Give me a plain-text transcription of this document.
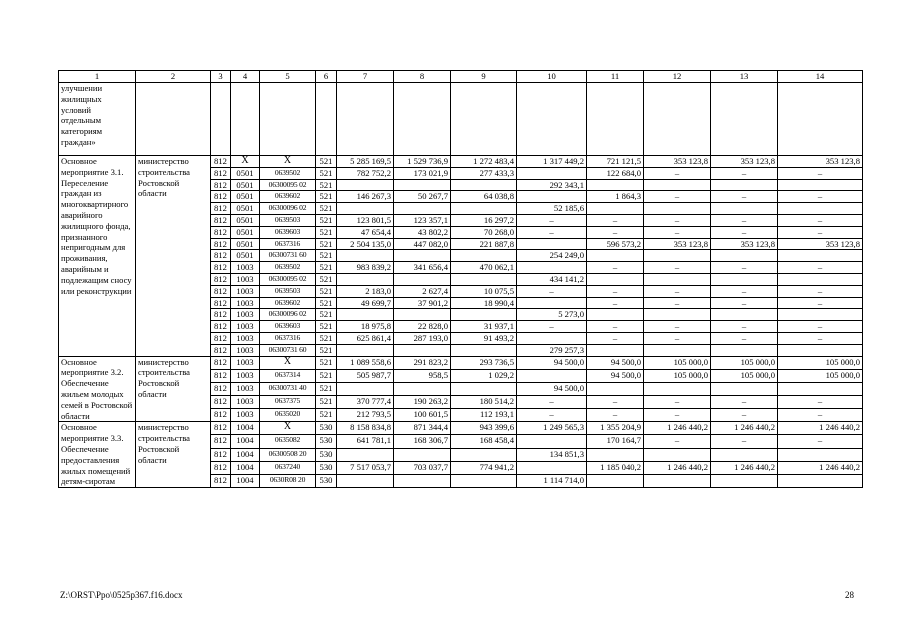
1	2	3	4	5	6	7	8	9	10	11	12	13	14
улучшении жилищных условий отдельным категориям граждан»													
Основное мероприятие 3.1. Переселение граждан из многоквартирного аварийного жилищного фонда, признанного непригодным для проживания, аварийным и подлежащим сносу или реконструкции	министерство строительства Ростовской области	812	X	X	521	5 285 169,5	1 529 736,9	1 272 483,4	1 317 449,2	721 121,5	353 123,8	353 123,8	353 123,8
		812	0501	0639502	521	782 752,2	173 021,9	277 433,3		122 684,0	–	–	–
		812	0501	06300095 02	521				292 343,1				
		812	0501	0639602	521	146 267,3	50 267,7	64 038,8		1 864,3	–	–	–
		812	0501	06300096 02	521				52 185,6				
		812	0501	0639503	521	123 801,5	123 357,1	16 297,2	–	–	–	–	–
		812	0501	0639603	521	47 654,4	43 802,2	70 268,0	–	–	–	–	–
		812	0501	0637316	521	2 504 135,0	447 082,0	221 887,8		596 573,2	353 123,8	353 123,8	353 123,8
		812	0501	06300731 60	521				254 249,0				
		812	1003	0639502	521	983 839,2	341 656,4	470 062,1		–	–	–	–
		812	1003	06300095 02	521				434 141,2				
		812	1003	0639503	521	2 183,0	2 627,4	10 075,5	–	–	–	–	–
		812	1003	0639602	521	49 699,7	37 901,2	18 990,4		–	–	–	–
		812	1003	06300096 02	521				5 273,0				
		812	1003	0639603	521	18 975,8	22 828,0	31 937,1	–	–	–	–	–
		812	1003	0637316	521	625 861,4	287 193,0	91 493,2		–	–	–	–
		812	1003	06300731 60	521				279 257,3				
Основное мероприятие 3.2. Обеспечение жильем молодых семей в Ростовской области	министерство строительства Ростовской области	812	1003	X	521	1 089 558,6	291 823,2	293 736,5	94 500,0	94 500,0	105 000,0	105 000,0	105 000,0
		812	1003	0637314	521	505 987,7	958,5	1 029,2		94 500,0	105 000,0	105 000,0	105 000,0
		812	1003	06300731 40	521				94 500,0				
		812	1003	0637375	521	370 777,4	190 263,2	180 514,2	–	–	–	–	–
		812	1003	0635020	521	212 793,5	100 601,5	112 193,1	–	–	–	–	–
Основное мероприятие 3.3. Обеспечение предоставления жилых помещений детям-сиротам	министерство строительства Ростовской области	812	1004	X	530	8 158 834,8	871 344,4	943 399,6	1 249 565,3	1 355 204,9	1 246 440,2	1 246 440,2	1 246 440,2
		812	1004	0635082	530	641 781,1	168 306,7	168 458,4		170 164,7	–	–	–
		812	1004	06300508 20	530				134 851,3				
		812	1004	0637240	530	7 517 053,7	703 037,7	774 941,2		1 185 040,2	1 246 440,2	1 246 440,2	1 246 440,2
		812	1004	0630R08 20	530				1 114 714,0				
Z:\ORST\Ppo\0525p367.f16.docx	28
